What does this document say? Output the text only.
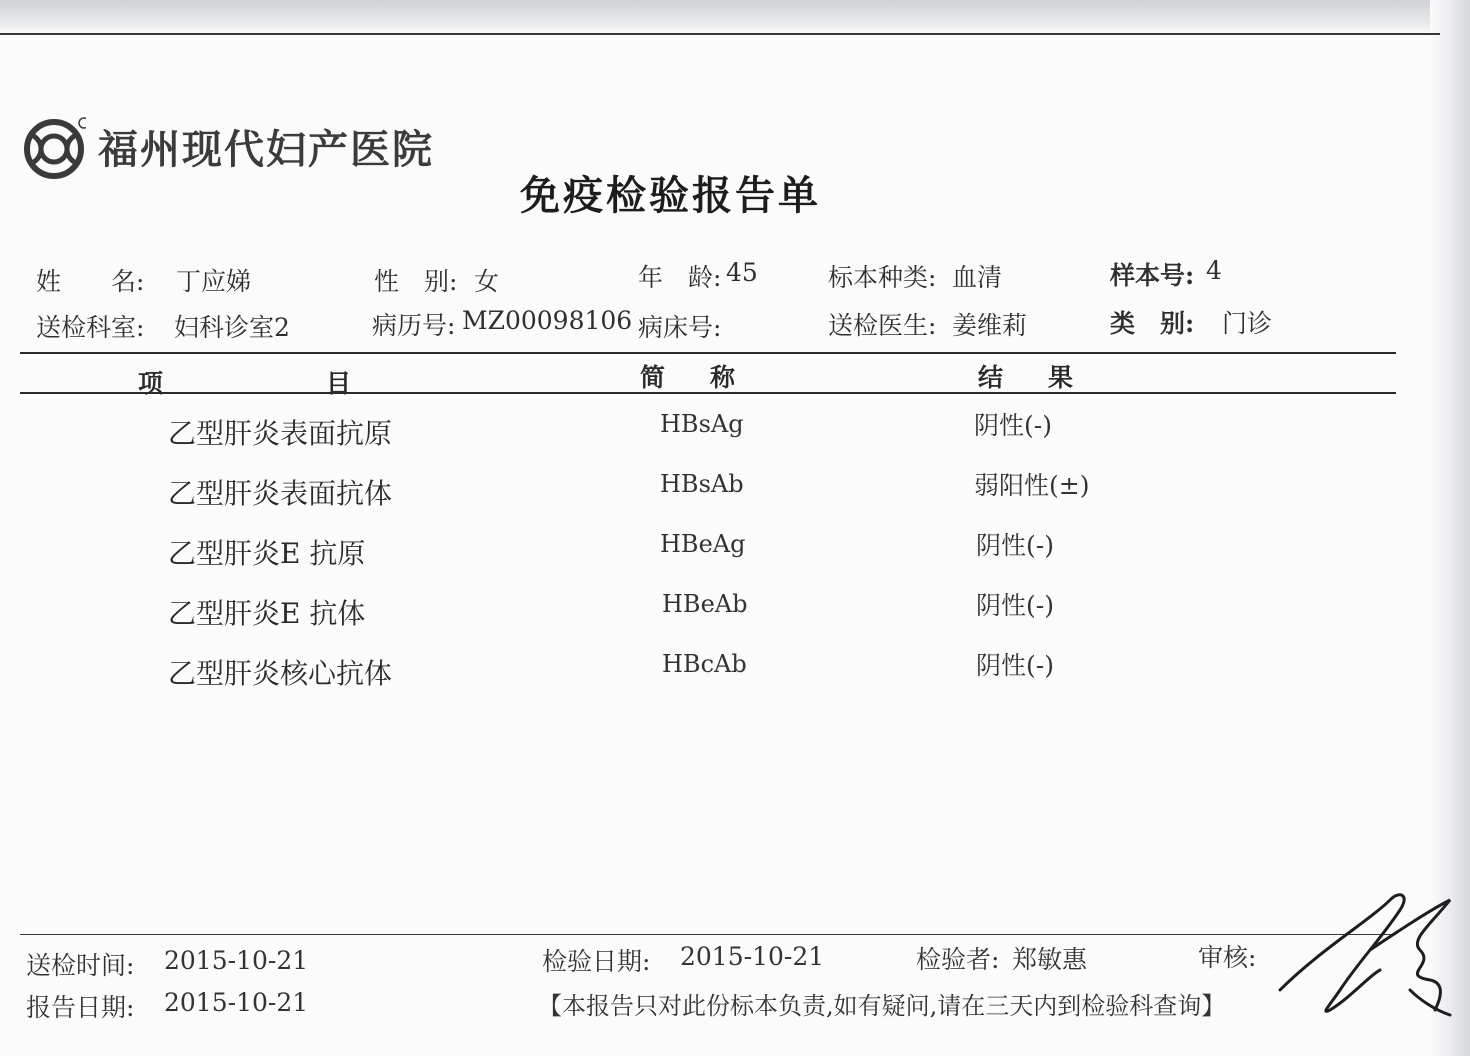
福州现代妇产医院
免疫检验报告单
姓　　名: 丁应娣	性　别: 女	年　龄: 45	标本种类: 血清	样本号: 4
送检科室: 妇科诊室2	病历号: MZ00098106 病床号:	送检医生: 姜维莉	类　别: 门诊
项	目	简 称	结 果
乙型肝炎表面抗原	HBsAg	阴性(-)
乙型肝炎表面抗体	HBsAb	弱阳性(±)
乙型肝炎E 抗原	HBeAg	阴性(-)
乙型肝炎E 抗体	HBeAb	阴性(-)
乙型肝炎核心抗体	HBcAb	阴性(-)
送检时间: 2015-10-21
报告日期: 2015-10-21
检验日期: 2015-10-21	检验者: 郑敏惠	审核:
【本报告只对此份标本负责,如有疑问,请在三天内到检验科查询】
